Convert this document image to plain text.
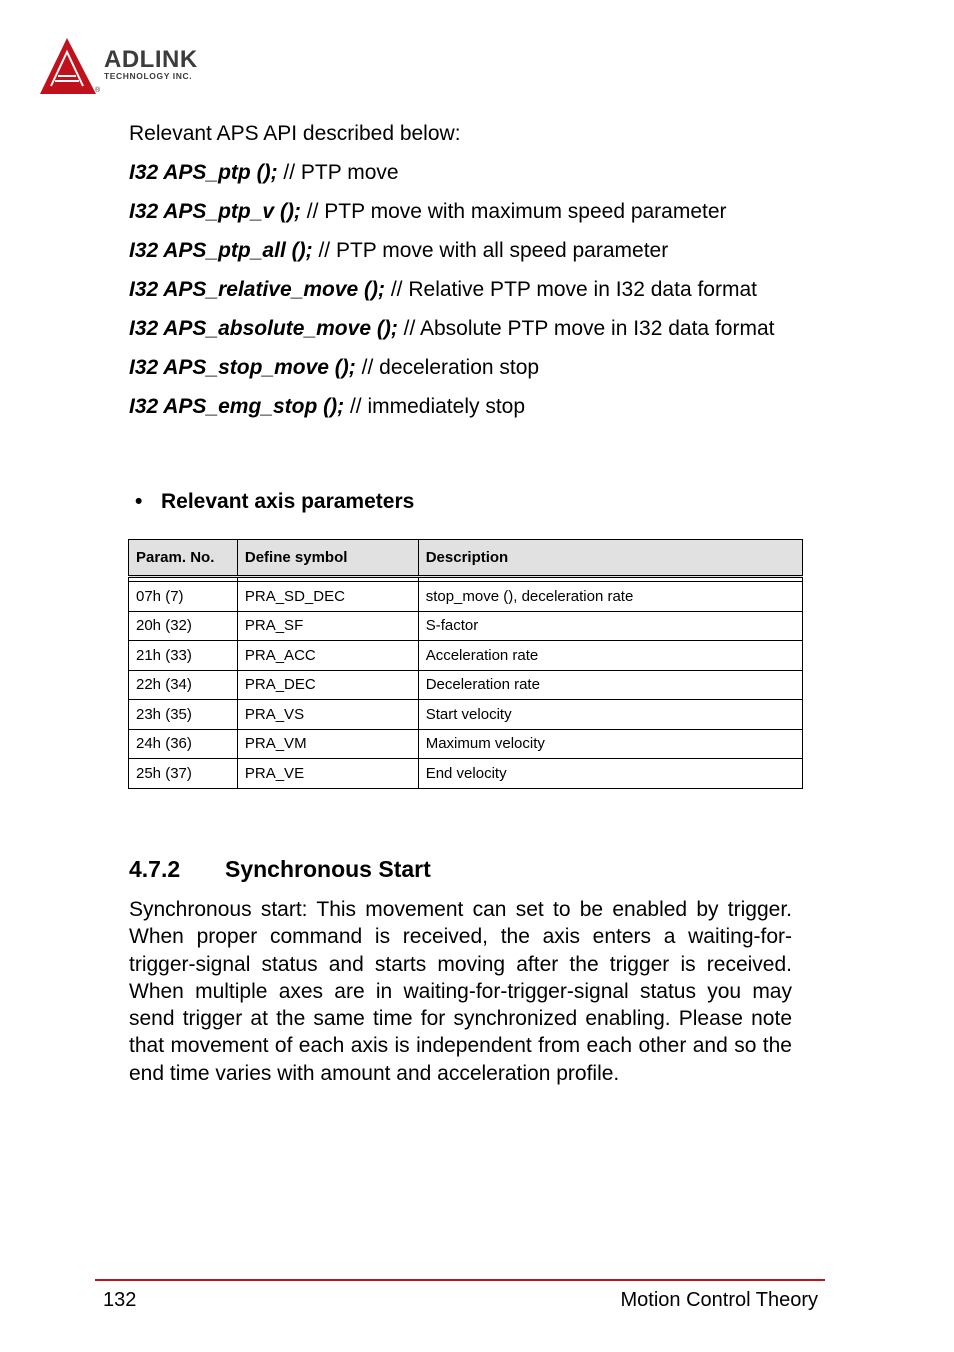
ADLINK
TECHNOLOGY INC.
®

Relevant APS API described below:

I32 APS_ptp (); // PTP move

I32 APS_ptp_v (); // PTP move with maximum speed parameter

I32 APS_ptp_all (); // PTP move with all speed parameter

I32 APS_relative_move (); // Relative PTP move in I32 data format

I32 APS_absolute_move (); // Absolute PTP move in I32 data format

I32 APS_stop_move (); // deceleration stop

I32 APS_emg_stop (); // immediately stop

• Relevant axis parameters
Param. No.	Define symbol	Description

07h (7)	PRA_SD_DEC	stop_move (), deceleration rate
20h (32)	PRA_SF	S-factor
21h (33)	PRA_ACC	Acceleration rate
22h (34)	PRA_DEC	Deceleration rate
23h (35)	PRA_VS	Start velocity
24h (36)	PRA_VM	Maximum velocity
25h (37)	PRA_VE	End velocity
4.7.2 Synchronous Start

Synchronous start: This movement can set to be enabled by trigger. When proper command is received, the axis enters a waiting-for-trigger-signal status and starts moving after the trigger is received. When multiple axes are in waiting-for-trigger-signal status you may send trigger at the same time for synchronized enabling. Please note that movement of each axis is independent from each other and so the end time varies with amount and acceleration profile.

132	Motion Control Theory
